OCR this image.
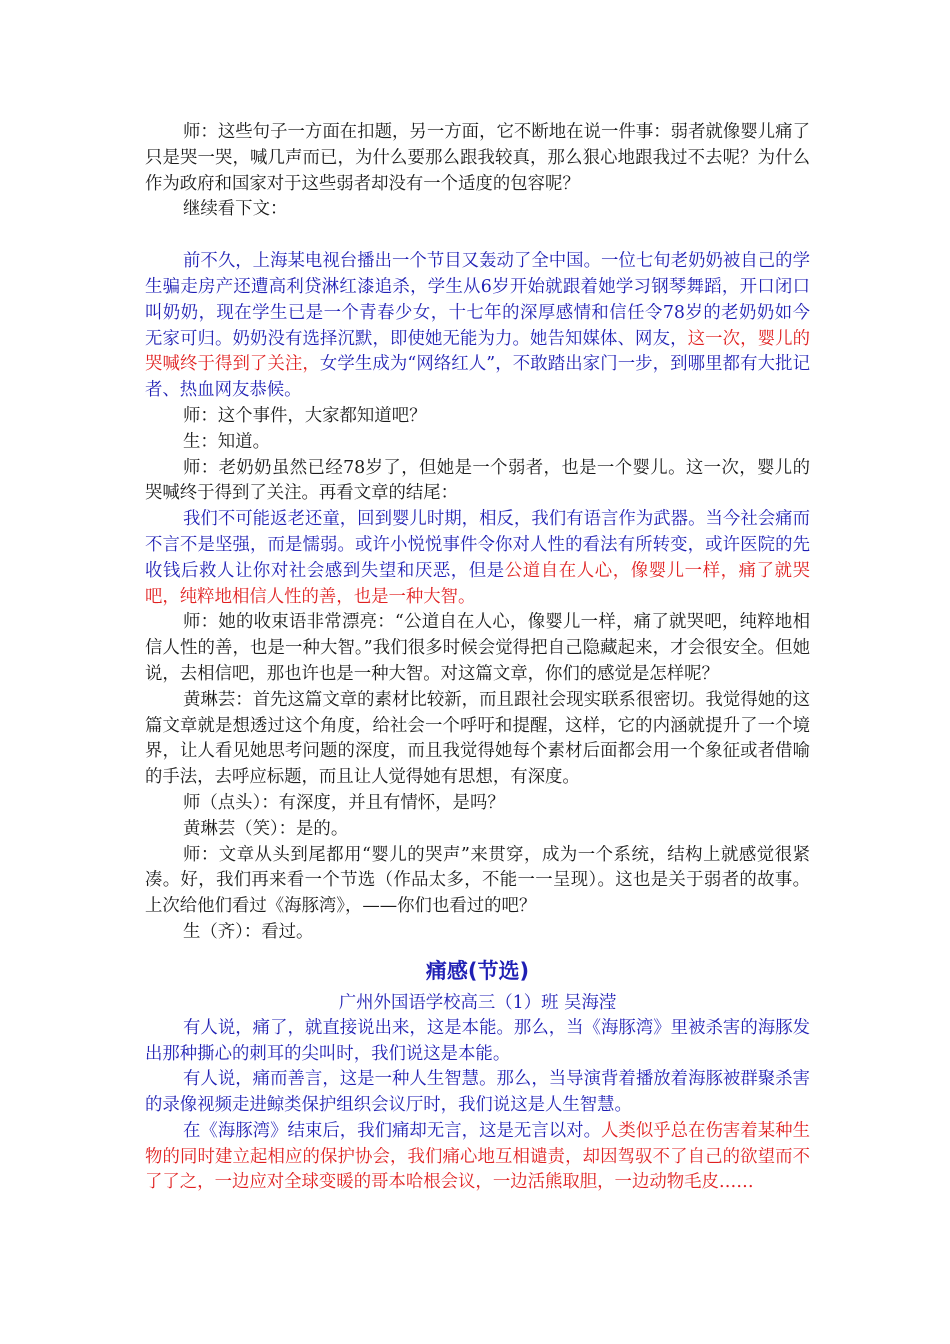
师：这些句子一方面在扣题，另一方面，它不断地在说一件事：弱者就像婴儿痛了只是哭一哭，喊几声而已，为什么要那么跟我较真，那么狠心地跟我过不去呢？为什么作为政府和国家对于这些弱者却没有一个适度的包容呢？

继续看下文：

前不久，上海某电视台播出一个节目又轰动了全中国。一位七旬老奶奶被自己的学生骗走房产还遭高利贷淋红漆追杀，学生从6岁开始就跟着她学习钢琴舞蹈，开口闭口叫奶奶，现在学生已是一个青春少女，十七年的深厚感情和信任令78岁的老奶奶如今无家可归。奶奶没有选择沉默，即使她无能为力。她告知媒体、网友，这一次，婴儿的哭喊终于得到了关注，女学生成为“网络红人”，不敢踏出家门一步，到哪里都有大批记者、热血网友恭候。

师：这个事件，大家都知道吧？

生：知道。

师：老奶奶虽然已经78岁了，但她是一个弱者，也是一个婴儿。这一次，婴儿的哭喊终于得到了关注。再看文章的结尾：

我们不可能返老还童，回到婴儿时期，相反，我们有语言作为武器。当今社会痛而不言不是坚强，而是懦弱。或许小悦悦事件令你对人性的看法有所转变，或许医院的先收钱后救人让你对社会感到失望和厌恶，但是公道自在人心，像婴儿一样，痛了就哭吧，纯粹地相信人性的善，也是一种大智。

师：她的收束语非常漂亮：“公道自在人心，像婴儿一样，痛了就哭吧，纯粹地相信人性的善，也是一种大智。”我们很多时候会觉得把自己隐藏起来，才会很安全。但她说，去相信吧，那也许也是一种大智。对这篇文章，你们的感觉是怎样呢？

黄琳芸：首先这篇文章的素材比较新，而且跟社会现实联系很密切。我觉得她的这篇文章就是想透过这个角度，给社会一个呼吁和提醒，这样，它的内涵就提升了一个境界，让人看见她思考问题的深度，而且我觉得她每个素材后面都会用一个象征或者借喻的手法，去呼应标题，而且让人觉得她有思想，有深度。

师（点头）：有深度，并且有情怀，是吗？

黄琳芸（笑）：是的。

师：文章从头到尾都用“婴儿的哭声”来贯穿，成为一个系统，结构上就感觉很紧凑。好，我们再来看一个节选（作品太多，不能一一呈现）。这也是关于弱者的故事。上次给他们看过《海豚湾》，——你们也看过的吧？

生（齐）：看过。

痛感(节选)

广州外国语学校高三（1）班 吴海滢

有人说，痛了，就直接说出来，这是本能。那么，当《海豚湾》里被杀害的海豚发出那种撕心的刺耳的尖叫时，我们说这是本能。

有人说，痛而善言，这是一种人生智慧。那么，当导演背着播放着海豚被群聚杀害的录像视频走进鲸类保护组织会议厅时，我们说这是人生智慧。

在《海豚湾》结束后，我们痛却无言，这是无言以对。人类似乎总在伤害着某种生物的同时建立起相应的保护协会，我们痛心地互相谴责，却因驾驭不了自己的欲望而不了了之，一边应对全球变暖的哥本哈根会议，一边活熊取胆，一边动物毛皮……
